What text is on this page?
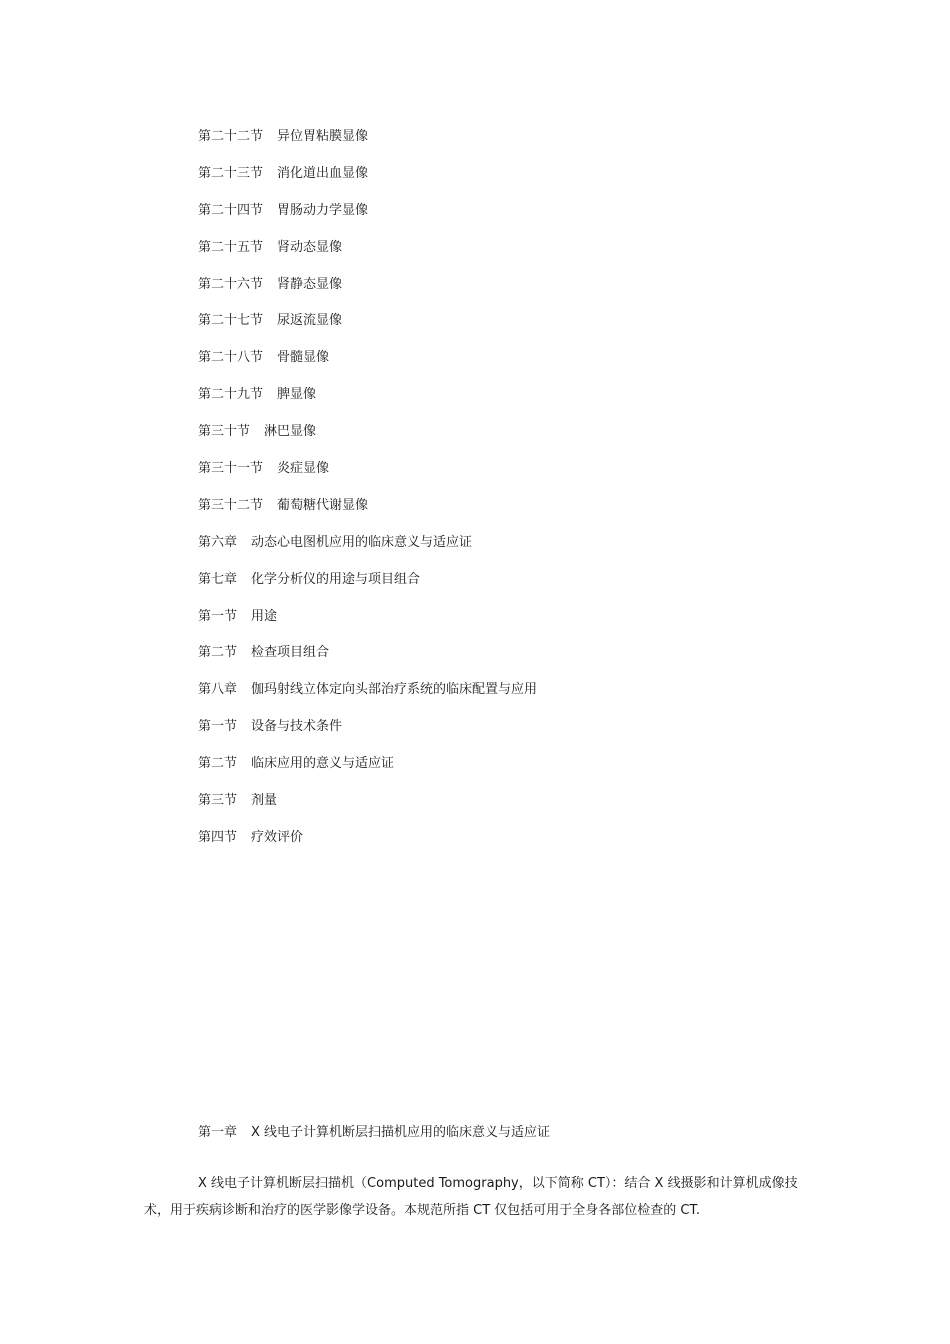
第二十二节 异位胃粘膜显像
第二十三节 消化道出血显像
第二十四节 胃肠动力学显像
第二十五节 肾动态显像
第二十六节 肾静态显像
第二十七节 尿返流显像
第二十八节 骨髓显像
第二十九节 脾显像
第三十节 淋巴显像
第三十一节 炎症显像
第三十二节 葡萄糖代谢显像
第六章 动态心电图机应用的临床意义与适应证
第七章 化学分析仪的用途与项目组合
第一节 用途
第二节 检查项目组合
第八章 伽玛射线立体定向头部治疗系统的临床配置与应用
第一节 设备与技术条件
第二节 临床应用的意义与适应证
第三节 剂量
第四节 疗效评价
第一章 X 线电子计算机断层扫描机应用的临床意义与适应证

X 线电子计算机断层扫描机（Computed Tomography，以下简称 CT）：结合 X 线摄影和计算机成像技术，用于疾病诊断和治疗的医学影像学设备。本规范所指 CT 仅包括可用于全身各部位检查的 CT.
